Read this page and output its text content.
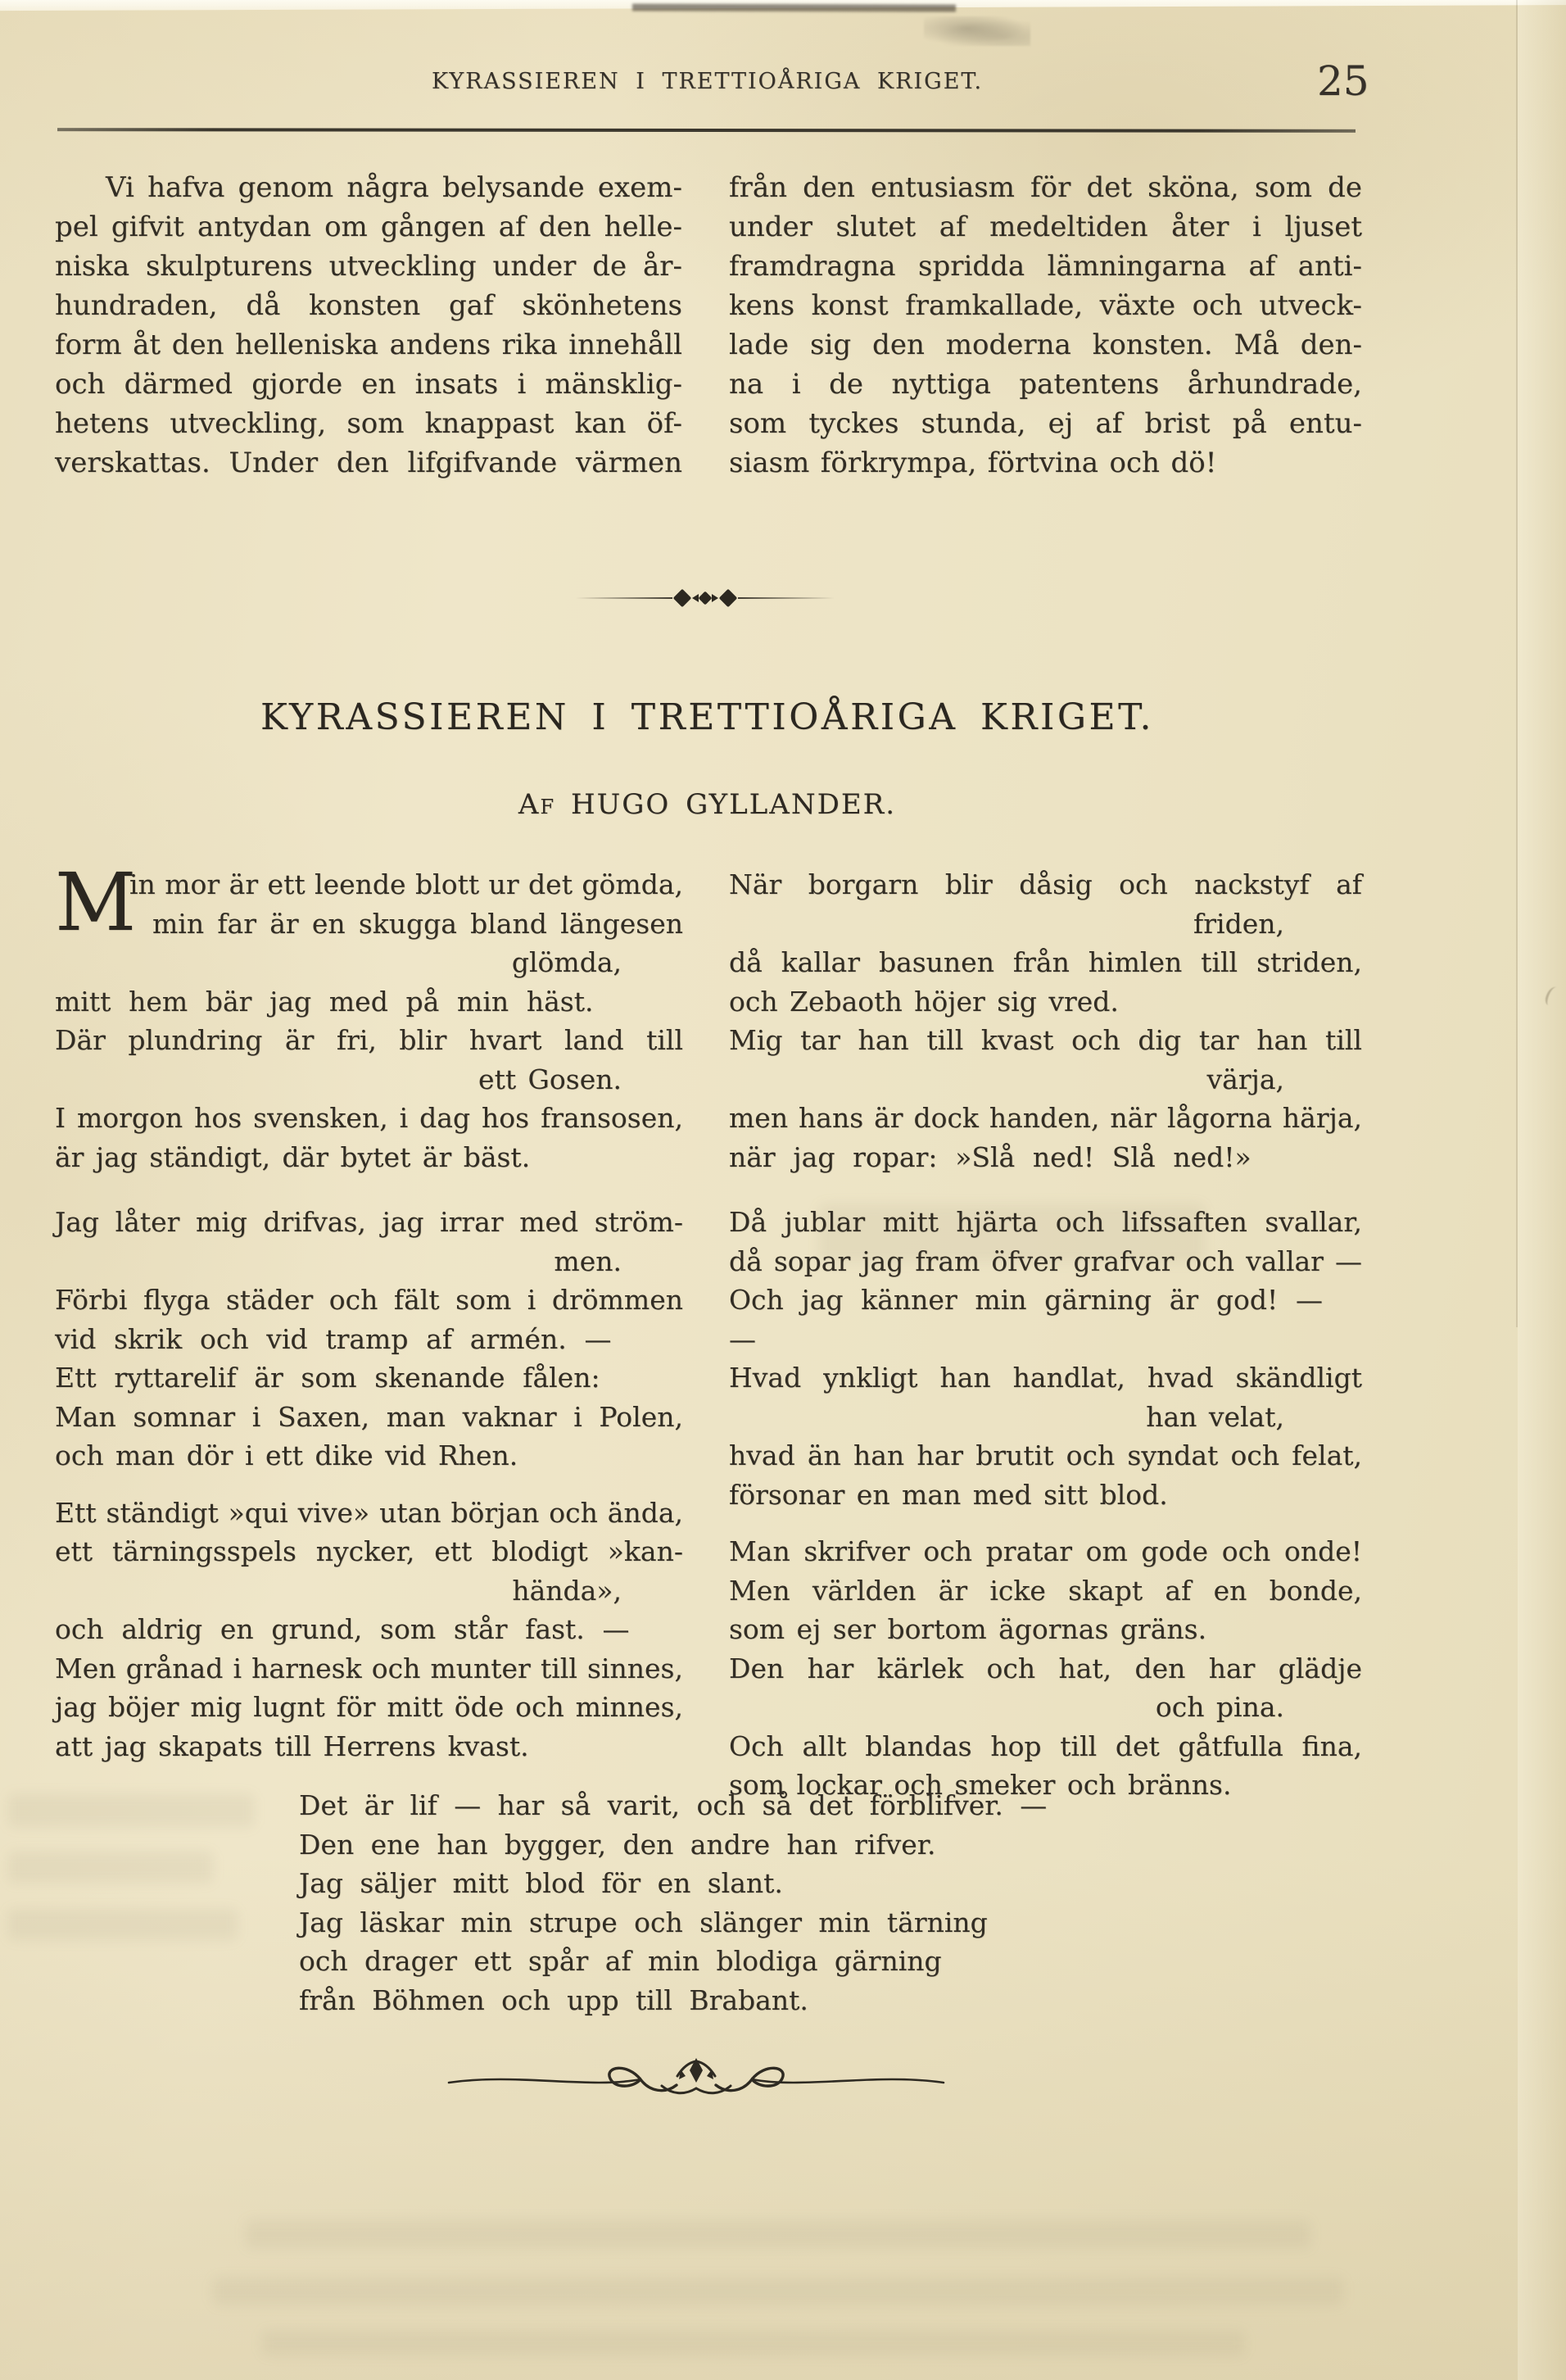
KYRASSIEREN I TRETTIOÅRIGA KRIGET.	25
Vi hafva genom några belysande exem-
pel gifvit antydan om gången af den helle-
niska skulpturens utveckling under de år-
hundraden, då konsten gaf skönhetens
form åt den helleniska andens rika innehåll
och därmed gjorde en insats i mänsklig-
hetens utveckling, som knappast kan öf-
verskattas. Under den lifgifvande värmen
från den entusiasm för det sköna, som de
under slutet af medeltiden åter i ljuset
framdragna spridda lämningarna af anti-
kens konst framkallade, växte och utveck-
lade sig den moderna konsten. Må den-
na i de nyttiga patentens århundrade,
som tyckes stunda, ej af brist på entu-
siasm förkrympa, förtvina och dö!
KYRASSIEREN I TRETTIOÅRIGA KRIGET.
Af HUGO GYLLANDER.
M
in mor är ett leende blott ur det gömda,
min far är en skugga bland längesen
glömda,
mitt hem bär jag med på min häst.
Där plundring är fri, blir hvart land till
ett Gosen.
I morgon hos svensken, i dag hos fransosen,
är jag ständigt, där bytet är bäst.
Jag låter mig drifvas, jag irrar med ström-
men.
Förbi flyga städer och fält som i drömmen
vid skrik och vid tramp af armén. —
Ett ryttarelif är som skenande fålen:
Man somnar i Saxen, man vaknar i Polen,
och man dör i ett dike vid Rhen.
Ett ständigt »qui vive» utan början och ända,
ett tärningsspels nycker, ett blodigt »kan-
hända»,
och aldrig en grund, som står fast. —
Men grånad i harnesk och munter till sinnes,
jag böjer mig lugnt för mitt öde och minnes,
att jag skapats till Herrens kvast.
När borgarn blir dåsig och nackstyf af
friden,
då kallar basunen från himlen till striden,
och Zebaoth höjer sig vred.
Mig tar han till kvast och dig tar han till
värja,
men hans är dock handen, när lågorna härja,
när jag ropar: »Slå ned! Slå ned!»
Då jublar mitt hjärta och lifssaften svallar,
då sopar jag fram öfver grafvar och vallar —
Och jag känner min gärning är god! — —
Hvad ynkligt han handlat, hvad skändligt
han velat,
hvad än han har brutit och syndat och felat,
försonar en man med sitt blod.
Man skrifver och pratar om gode och onde!
Men världen är icke skapt af en bonde,
som ej ser bortom ägornas gräns.
Den har kärlek och hat, den har glädje
och pina.
Och allt blandas hop till det gåtfulla fina,
som lockar och smeker och bränns.
Det är lif — har så varit, och så det förblifver. —
Den ene han bygger, den andre han rifver.
Jag säljer mitt blod för en slant.
Jag läskar min strupe och slänger min tärning
och drager ett spår af min blodiga gärning
från Böhmen och upp till Brabant.
